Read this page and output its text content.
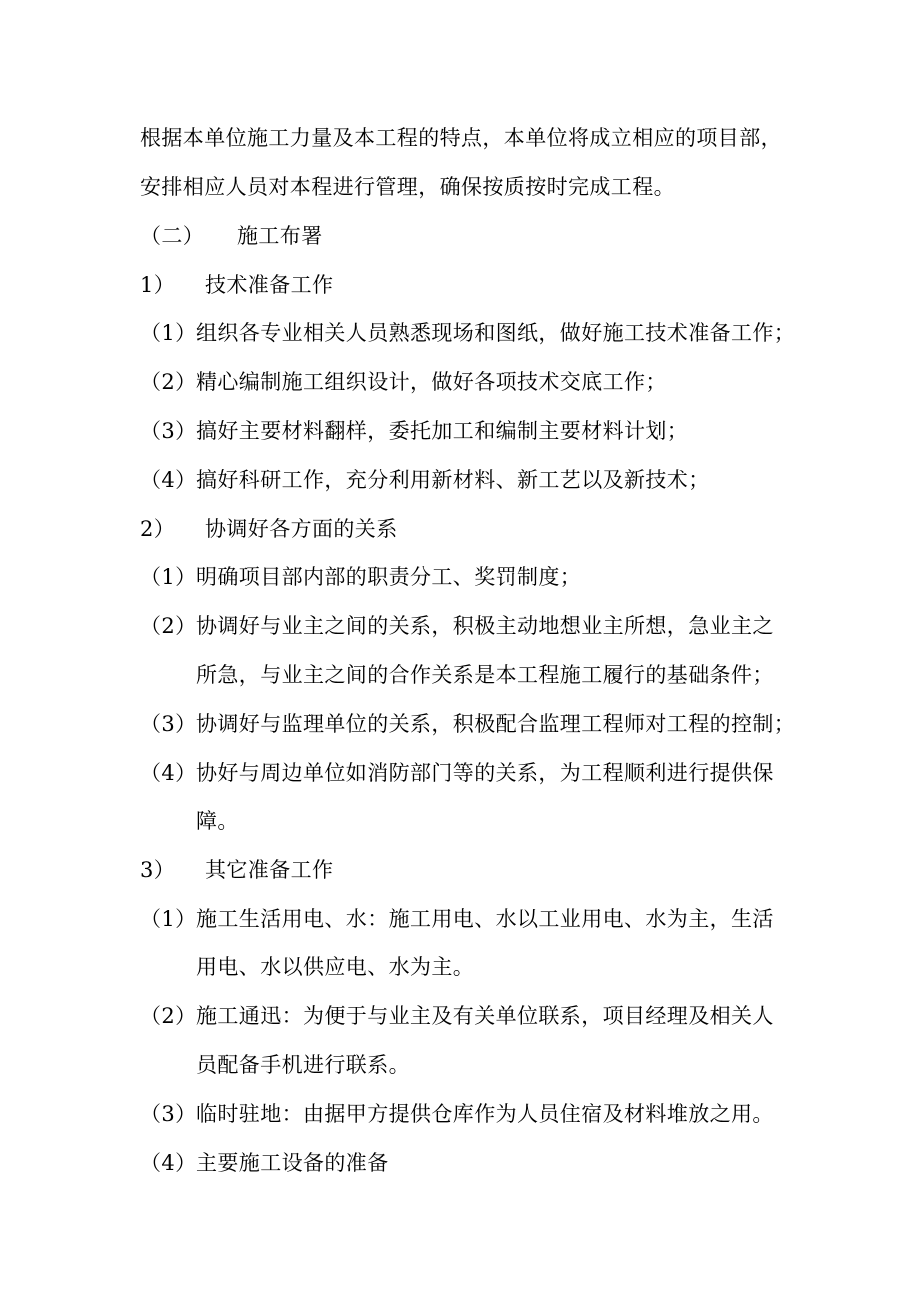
根据本单位施工力量及本工程的特点，本单位将成立相应的项目部，
安排相应人员对本程进行管理，确保按质按时完成工程。
（二） 施工布署
1） 技术准备工作
（1） 组织各专业相关人员熟悉现场和图纸，做好施工技术准备工作；
（2） 精心编制施工组织设计，做好各项技术交底工作；
（3） 搞好主要材料翻样，委托加工和编制主要材料计划；
（4） 搞好科研工作，充分利用新材料、新工艺以及新技术；
2） 协调好各方面的关系
（1） 明确项目部内部的职责分工、奖罚制度；
（2） 协调好与业主之间的关系，积极主动地想业主所想，急业主之
所急，与业主之间的合作关系是本工程施工履行的基础条件；
（3） 协调好与监理单位的关系，积极配合监理工程师对工程的控制；
（4） 协好与周边单位如消防部门等的关系，为工程顺利进行提供保
障。
3） 其它准备工作
（1） 施工生活用电、水：施工用电、水以工业用电、水为主，生活
用电、水以供应电、水为主。
（2） 施工通迅：为便于与业主及有关单位联系，项目经理及相关人
员配备手机进行联系。
（3） 临时驻地：由据甲方提供仓库作为人员住宿及材料堆放之用。
（4） 主要施工设备的准备
